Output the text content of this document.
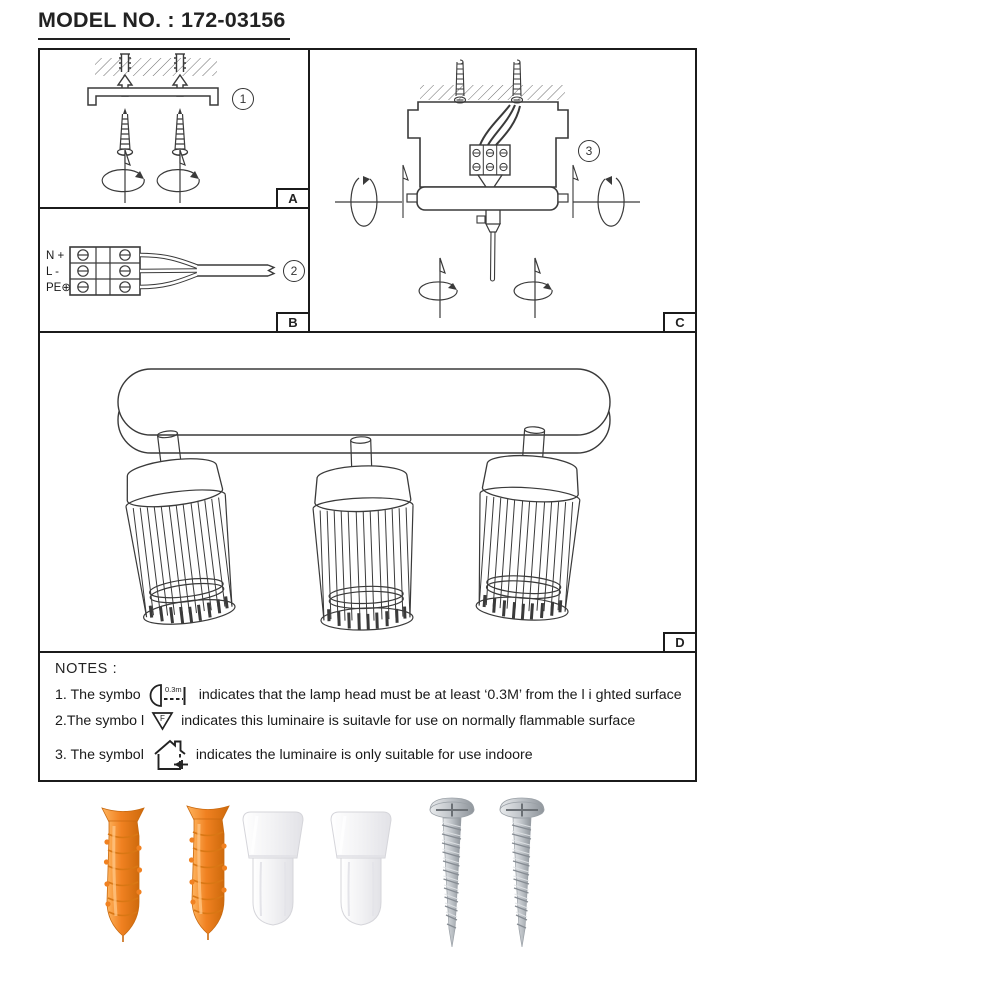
MODEL NO. : 172-03156
1
A
N +
L -
PE⊕
2
B
3
C
D
NOTES :
1. The symbo	0.3m indicates that the lamp head must be at least ‘0.3M’ from the l i ghted surface
2.The symbo l F indicates this luminaire is suitavle for use on normally flammable surface
3. The symbol	indicates the luminaire is only suitable for use indoore
